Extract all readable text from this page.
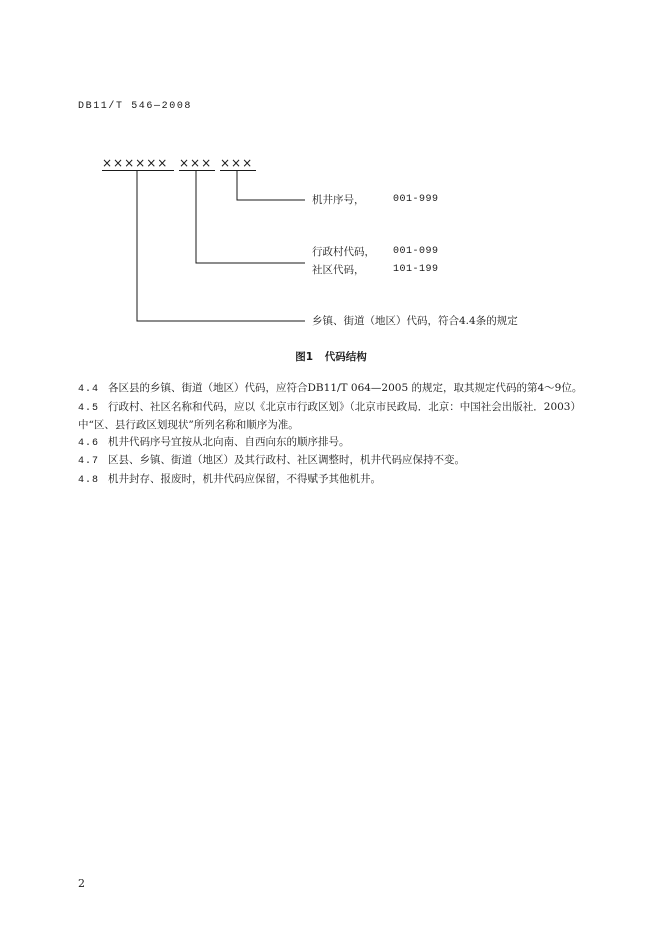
DB11/T 546—2008
×××××× ××× ×××
机井序号，	001-999
行政村代码， 001-099
社区代码，	101-199
乡镇、街道（地区）代码，符合4.4条的规定
图1 代码结构

4.4 各区县的乡镇、街道（地区）代码，应符合DB11/T 064—2005 的规定，取其规定代码的第4～9位。

4.5 行政村、社区名称和代码，应以《北京市行政区划》（北京市民政局．北京：中国社会出版社．2003）中“区、县行政区划现状”所列名称和顺序为准。

4.6 机井代码序号宜按从北向南、自西向东的顺序排号。

4.7 区县、乡镇、街道（地区）及其行政村、社区调整时，机井代码应保持不变。

4.8 机井封存、报废时，机井代码应保留，不得赋予其他机井。

2
